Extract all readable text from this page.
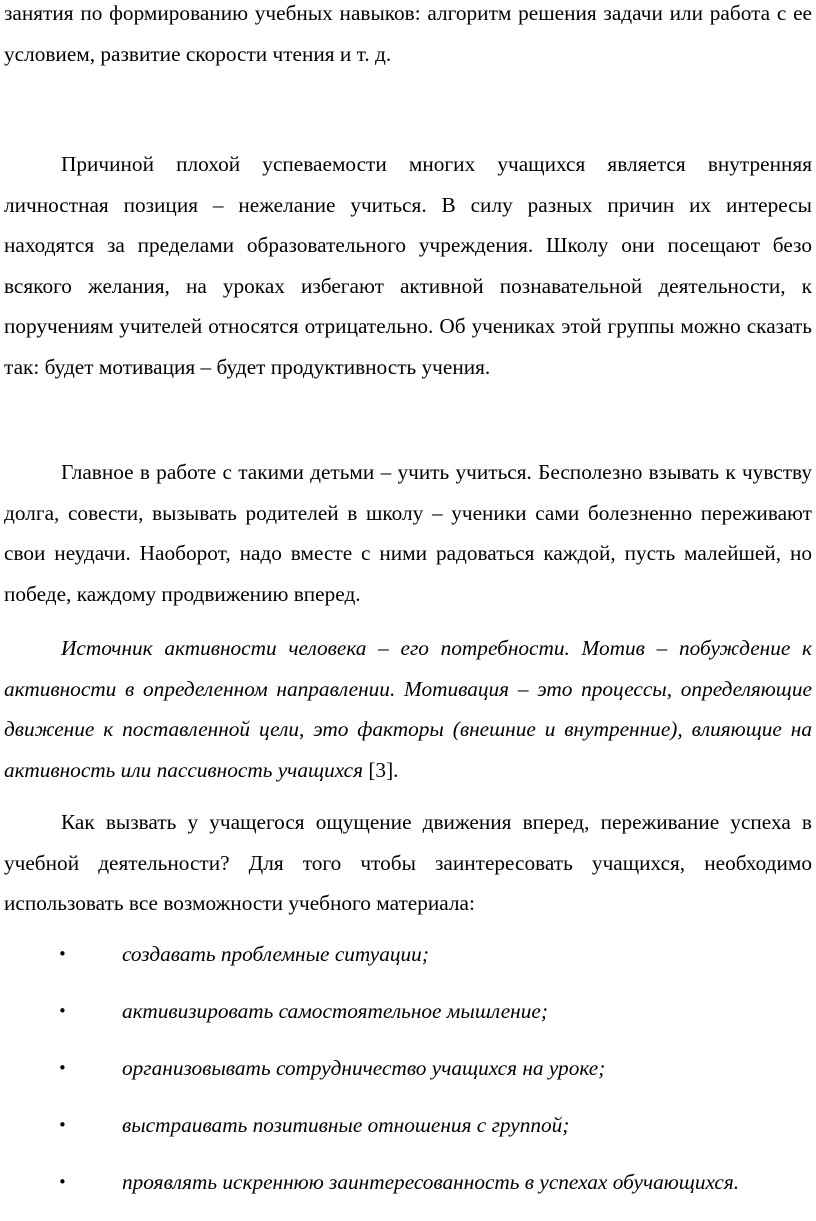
занятия по формированию учебных навыков: алгоритм решения задачи или работа с ее условием, развитие скорости чтения и т. д.

Причиной плохой успеваемости многих учащихся является внутренняя личностная позиция – нежелание учиться. В силу разных причин их интересы находятся за пределами образовательного учреждения. Школу они посещают безо всякого желания, на уроках избегают активной познавательной деятельности, к поручениям учителей относятся отрицательно. Об учениках этой группы можно сказать так: будет мотивация – будет продуктивность учения.

Главное в работе с такими детьми – учить учиться. Бесполезно взывать к чувству долга, совести, вызывать родителей в школу – ученики сами болезненно переживают свои неудачи. Наоборот, надо вместе с ними радоваться каждой, пусть малейшей, но победе, каждому продвижению вперед.

Источник активности человека – его потребности. Мотив – побуждение к активности в определенном направлении. Мотивация – это процессы, определяющие движение к поставленной цели, это факторы (внешние и внутренние), влияющие на активность или пассивность учащихся [3].

Как вызвать у учащегося ощущение движения вперед, переживание успеха в учебной деятельности? Для того чтобы заинтересовать учащихся, необходимо использовать все возможности учебного материала:

•	создавать проблемные ситуации;
•	активизировать самостоятельное мышление;
•	организовывать сотрудничество учащихся на уроке;
•	выстраивать позитивные отношения с группой;
•	проявлять искреннюю заинтересованность в успехах обучающихся.
